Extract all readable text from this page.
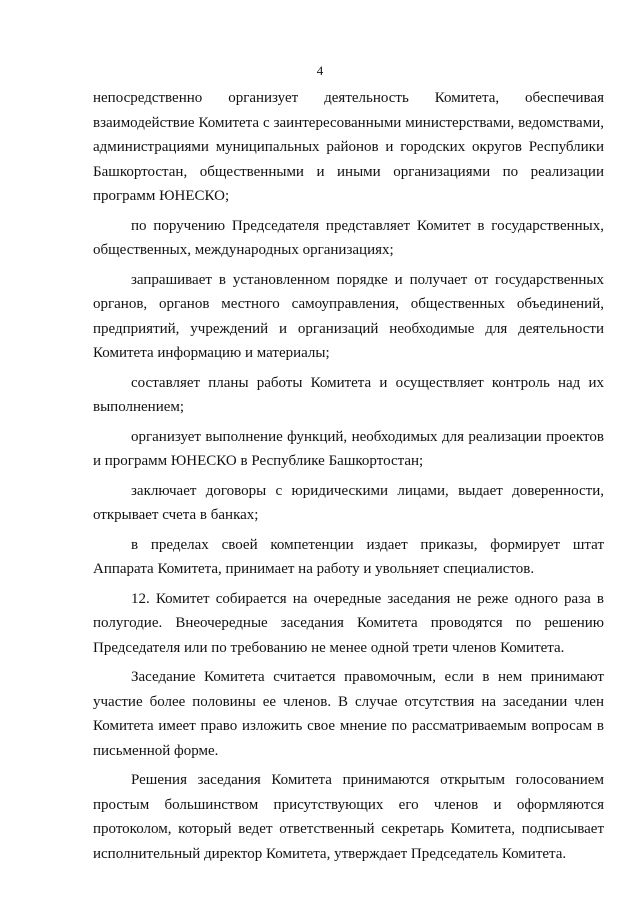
4

непосредственно организует деятельность Комитета, обеспечивая взаимодействие Комитета с заинтересованными министерствами, ведомствами, администрациями муниципальных районов и городских округов Республики Башкортостан, общественными и иными организациями по реализации программ ЮНЕСКО;

по поручению Председателя представляет Комитет в государственных, общественных, международных организациях;

запрашивает в установленном порядке и получает от государственных органов, органов местного самоуправления, общественных объединений, предприятий, учреждений и организаций необходимые для деятельности Комитета информацию и материалы;

составляет планы работы Комитета и осуществляет контроль над их выполнением;

организует выполнение функций, необходимых для реализации проектов и программ ЮНЕСКО в Республике Башкортостан;

заключает договоры с юридическими лицами, выдает доверенности, открывает счета в банках;

в пределах своей компетенции издает приказы, формирует штат Аппарата Комитета, принимает на работу и увольняет специалистов.

12. Комитет собирается на очередные заседания не реже одного раза в полугодие. Внеочередные заседания Комитета проводятся по решению Председателя или по требованию не менее одной трети членов Комитета.

Заседание Комитета считается правомочным, если в нем принимают участие более половины ее членов. В случае отсутствия на заседании член Комитета имеет право изложить свое мнение по рассматриваемым вопросам в письменной форме.

Решения заседания Комитета принимаются открытым голосованием простым большинством присутствующих его членов и оформляются протоколом, который ведет ответственный секретарь Комитета, подписывает исполнительный директор Комитета, утверждает Председатель Комитета.
